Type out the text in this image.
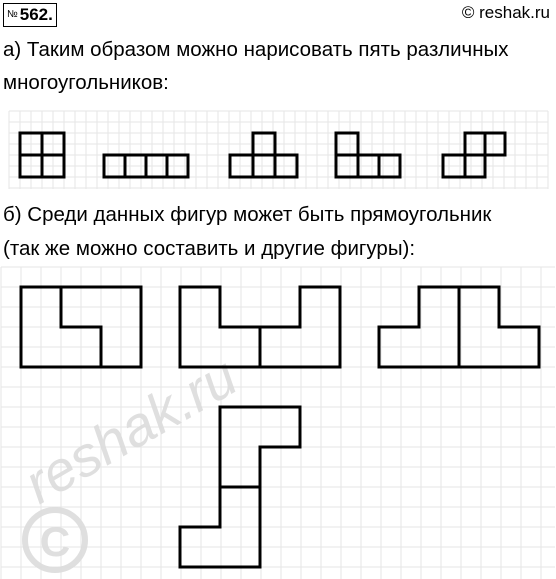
№ 562.	© reshak.ru
а) Таким образом можно нарисовать пять различных
многоугольников:
б) Среди данных фигур может быть прямоугольник
(так же можно составить и другие фигуры):
reshak.ru
C
